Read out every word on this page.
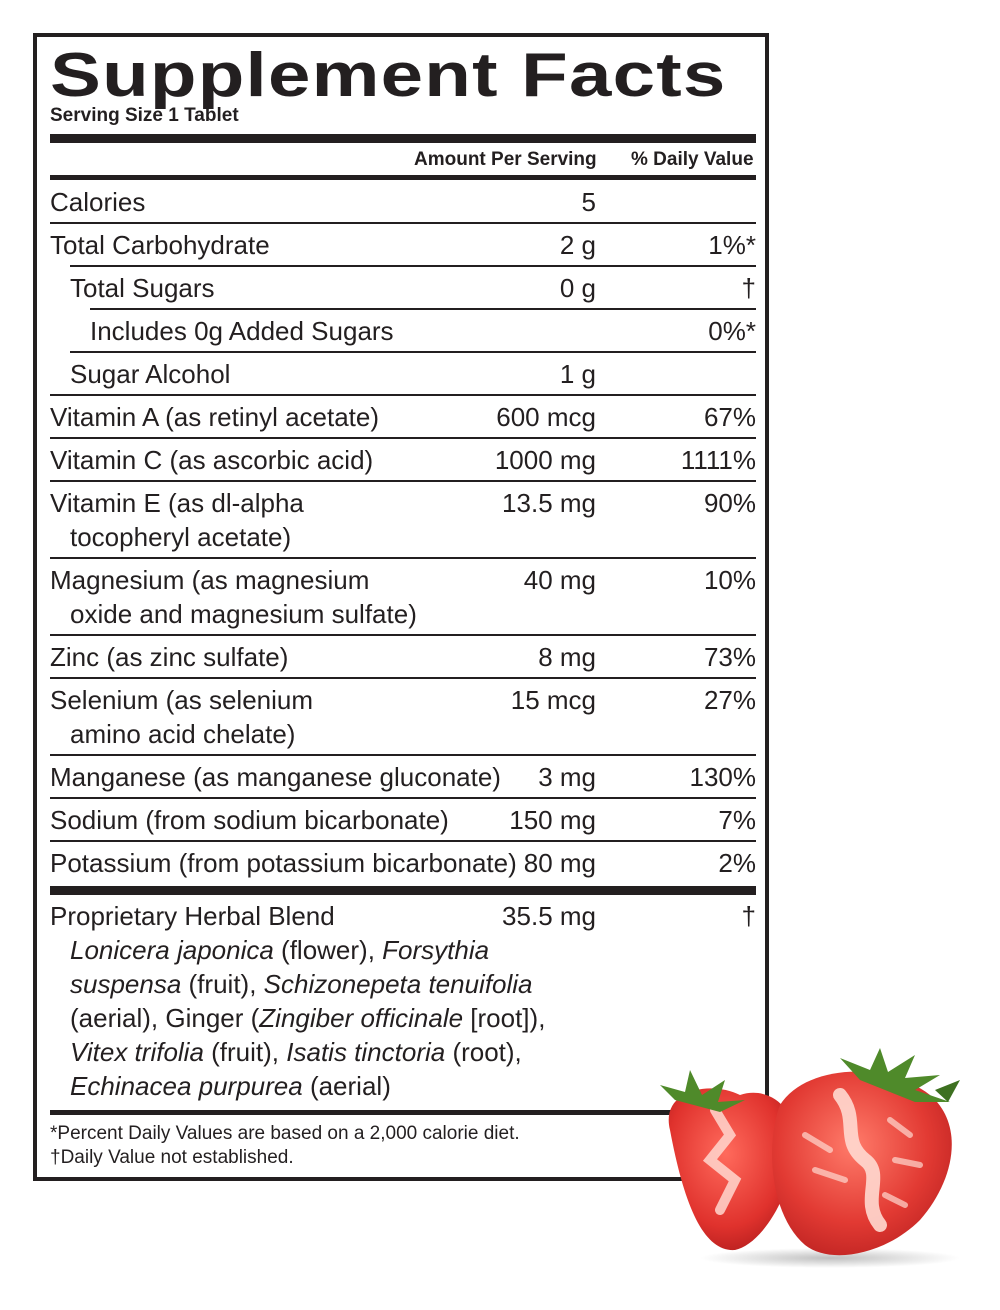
Supplement Facts
Serving Size 1 Tablet
Amount Per Serving % Daily Value
Calories	5
Total Carbohydrate	2 g	1%*
Total Sugars	0 g	†
Includes 0g Added Sugars	0%*
Sugar Alcohol	1 g
Vitamin A (as retinyl acetate)	600 mcg	67%
Vitamin C (as ascorbic acid)	1000 mg	1111%
Vitamin E (as dl-alpha
tocopheryl acetate)
13.5 mg	90%
Magnesium (as magnesium
oxide and magnesium sulfate)
40 mg	10%
Zinc (as zinc sulfate)	8 mg	73%
Selenium (as selenium
amino acid chelate)
15 mcg	27%
Manganese (as manganese gluconate) 3 mg	130%
Sodium (from sodium bicarbonate) 150 mg	7%
Potassium (from potassium bicarbonate) 80 mg	2%
Proprietary Herbal Blend	35.5 mg	†
Lonicera japonica (flower), Forsythia
suspensa (fruit), Schizonepeta tenuifolia
(aerial), Ginger (Zingiber officinale [root]),
Vitex trifolia (fruit), Isatis tinctoria (root),
Echinacea purpurea (aerial)
*Percent Daily Values are based on a 2,000 calorie diet.
†Daily Value not established.
